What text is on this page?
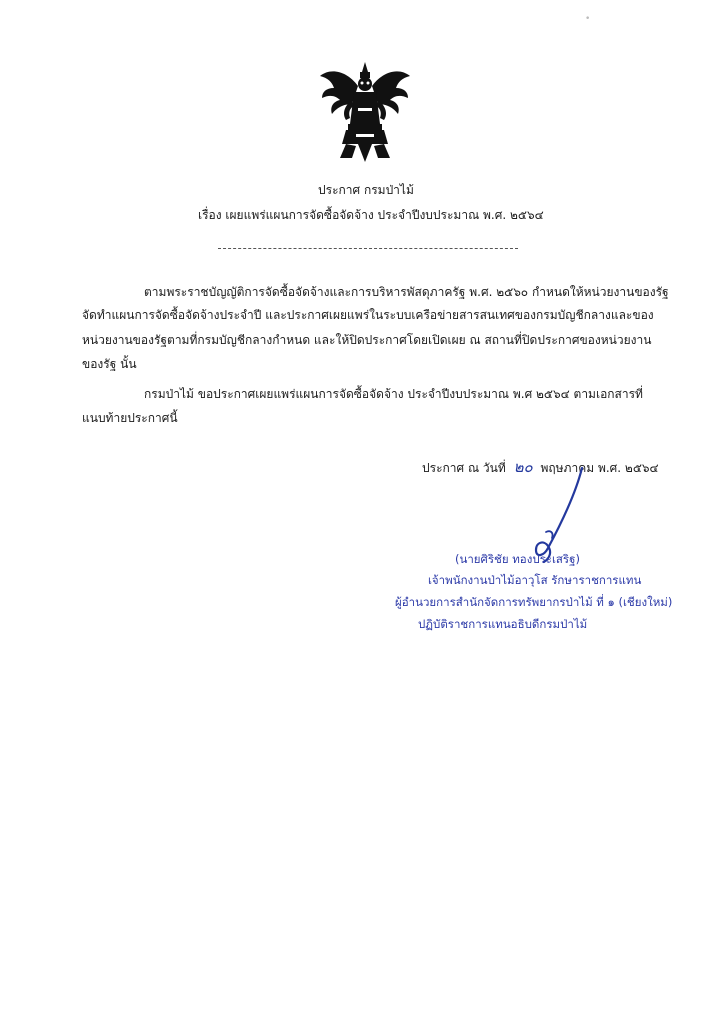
•
ประกาศ กรมป่าไม้
เรื่อง เผยแพร่แผนการจัดซื้อจัดจ้าง ประจำปีงบประมาณ พ.ศ. ๒๕๖๔
ตามพระราชบัญญัติการจัดซื้อจัดจ้างและการบริหารพัสดุภาครัฐ พ.ศ. ๒๕๖๐ กำหนดให้หน่วยงานของรัฐ
จัดทำแผนการจัดซื้อจัดจ้างประจำปี และประกาศเผยแพร่ในระบบเครือข่ายสารสนเทศของกรมบัญชีกลางและของ
หน่วยงานของรัฐตามที่กรมบัญชีกลางกำหนด และให้ปิดประกาศโดยเปิดเผย ณ สถานที่ปิดประกาศของหน่วยงาน
ของรัฐ นั้น
กรมป่าไม้ ขอประกาศเผยแพร่แผนการจัดซื้อจัดจ้าง ประจำปีงบประมาณ พ.ศ ๒๕๖๔ ตามเอกสารที่
แนบท้ายประกาศนี้
ประกาศ ณ วันที่ ๒๐ พฤษภาคม พ.ศ. ๒๕๖๔
(นายศิริชัย ทองประเสริฐ)
เจ้าพนักงานป่าไม้อาวุโส รักษาราชการแทน
ผู้อำนวยการสำนักจัดการทรัพยากรป่าไม้ ที่ ๑ (เชียงใหม่)
ปฏิบัติราชการแทนอธิบดีกรมป่าไม้
